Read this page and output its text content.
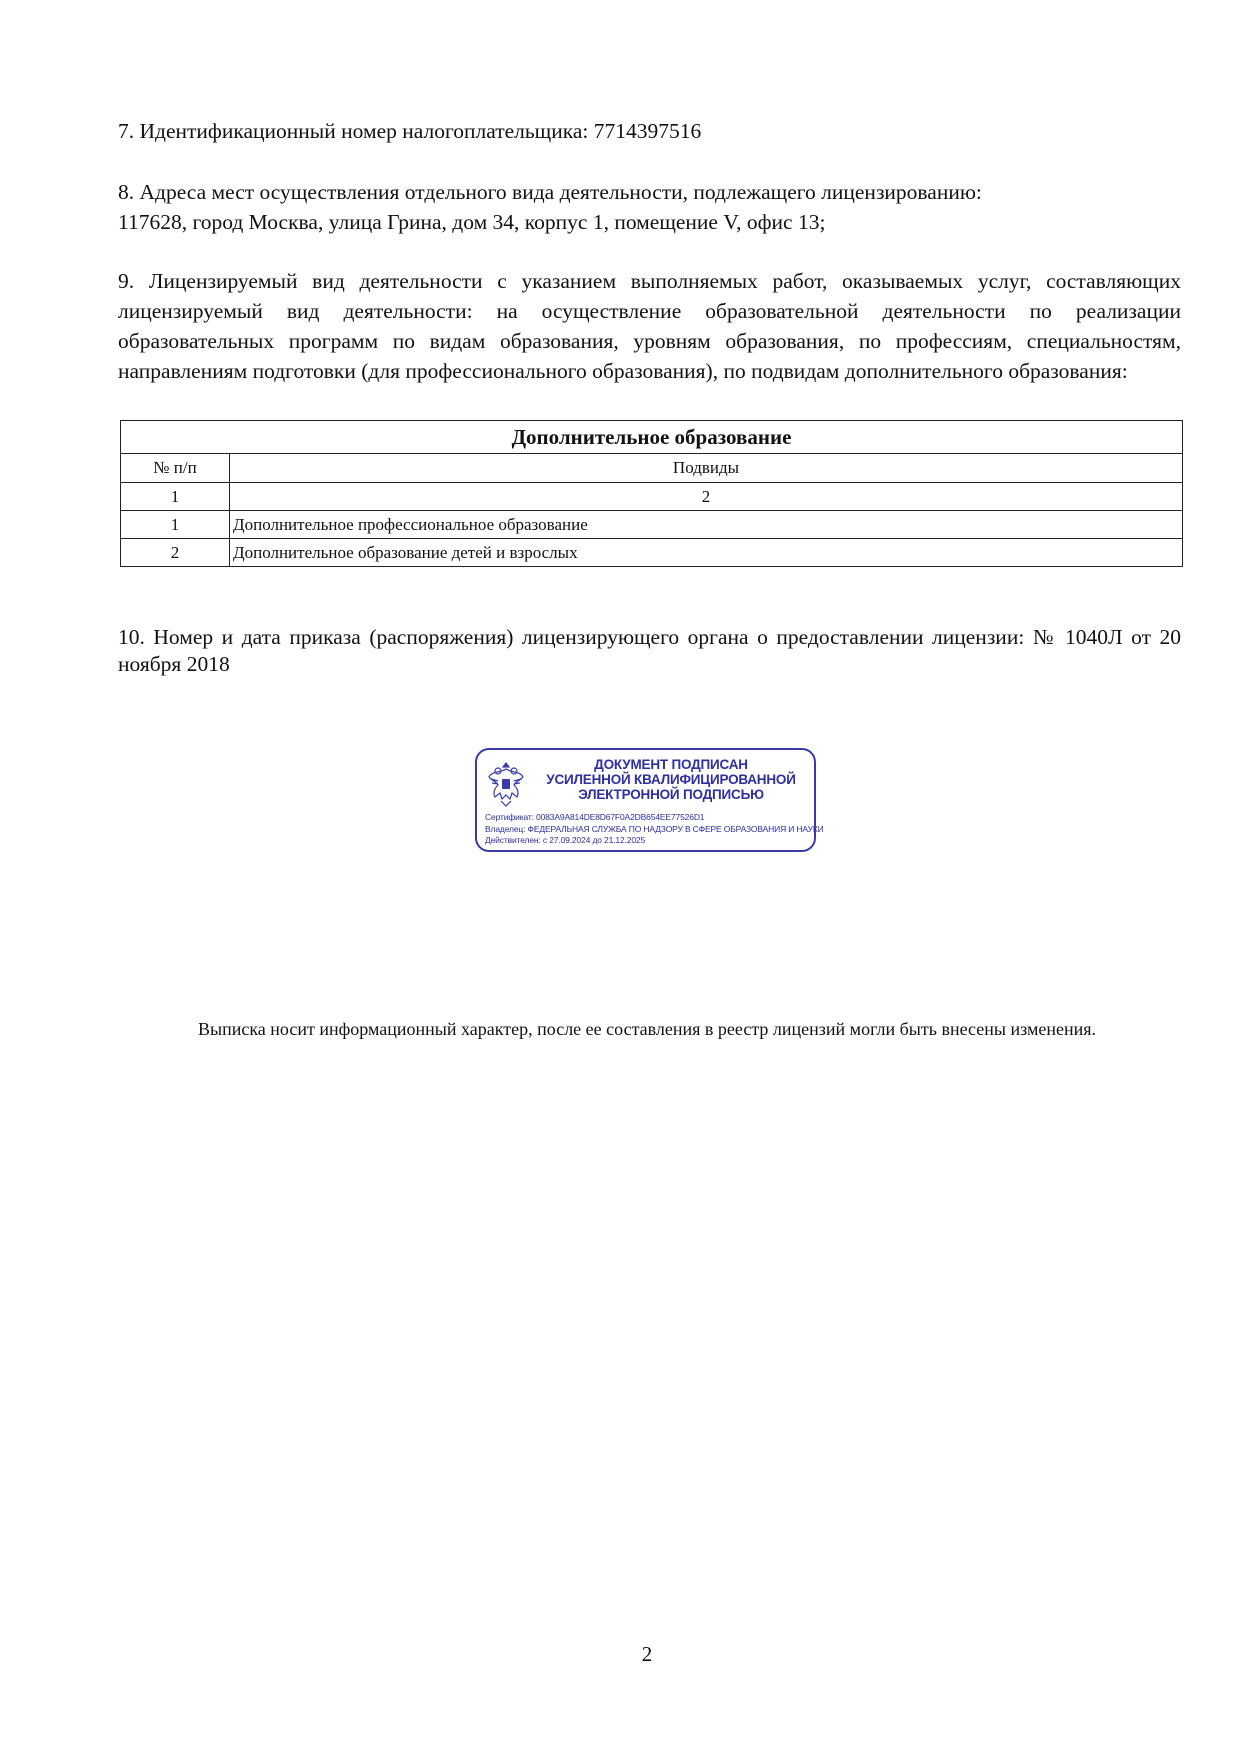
7. Идентификационный номер налогоплательщика: 7714397516

8. Адреса мест осуществления отдельного вида деятельности, подлежащего лицензированию:
117628, город Москва, улица Грина, дом 34, корпус 1, помещение V, офис 13;

9. Лицензируемый вид деятельности с указанием выполняемых работ, оказываемых услуг, составляющих лицензируемый вид деятельности: на осуществление образовательной деятельности по реализации образовательных программ по видам образования, уровням образования, по профессиям, специальностям, направлениям подготовки (для профессионального образования), по подвидам дополнительного образования:

Дополнительное образование	
№ п/п	Подвиды
1	2
1	Дополнительное профессиональное образование
2	Дополнительное образование детей и взрослых

10. Номер и дата приказа (распоряжения) лицензирующего органа о предоставлении лицензии: № 1040Л от 20 ноября 2018

ДОКУМЕНТ ПОДПИСАН
УСИЛЕННОЙ КВАЛИФИЦИРОВАННОЙ
ЭЛЕКТРОННОЙ ПОДПИСЬЮ
Сертификат: 0083A9A814DE8D67F0A2DB654EE77526D1
Владелец: ФЕДЕРАЛЬНАЯ СЛУЖБА ПО НАДЗОРУ В СФЕРЕ ОБРАЗОВАНИЯ И НАУКИ
Действителен: с 27.09.2024 до 21.12.2025
Выписка носит информационный характер, после ее составления в реестр лицензий могли быть внесены изменения.
2
